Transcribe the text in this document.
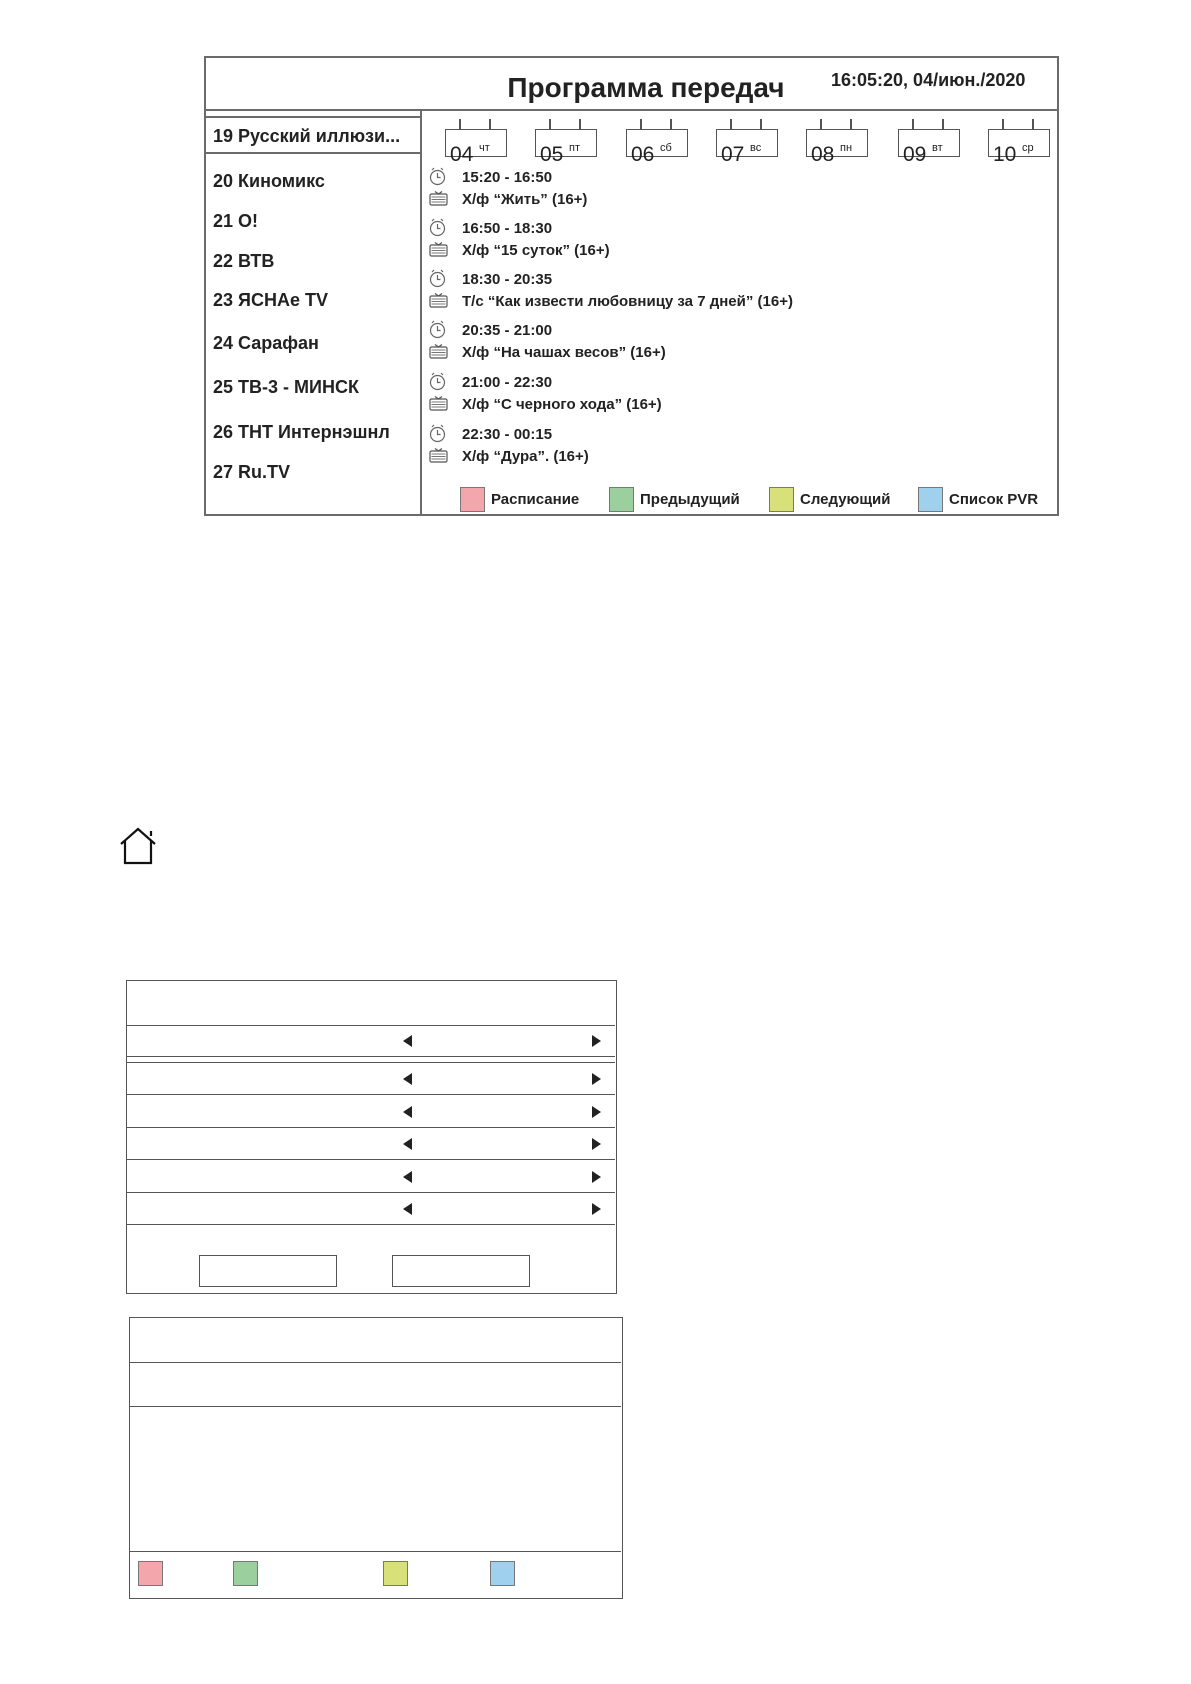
Программа передач	16:05:20, 04/июн./2020
19 Русский иллюзи...
20 Киномикс
21 О!
22 ВТВ
23 ЯСНАе TV
24 Сарафан
25 ТВ-3 - МИНСК
26 ТНТ Интернэшнл
27 Ru.TV
04 чт 05 пт 06 сб 07 вс 08 пн 09 вт 10 ср
15:20 - 16:50
Х/ф “Жить” (16+)
16:50 - 18:30
Х/ф “15 суток” (16+)
18:30 - 20:35
Т/с “Как извести любовницу за 7 дней” (16+)
20:35 - 21:00
Х/ф “На чашах весов” (16+)
21:00 - 22:30
Х/ф “С черного хода” (16+)
22:30 - 00:15
Х/ф “Дура”. (16+)
Расписание	Предыдущий	Следующий	Список PVR
